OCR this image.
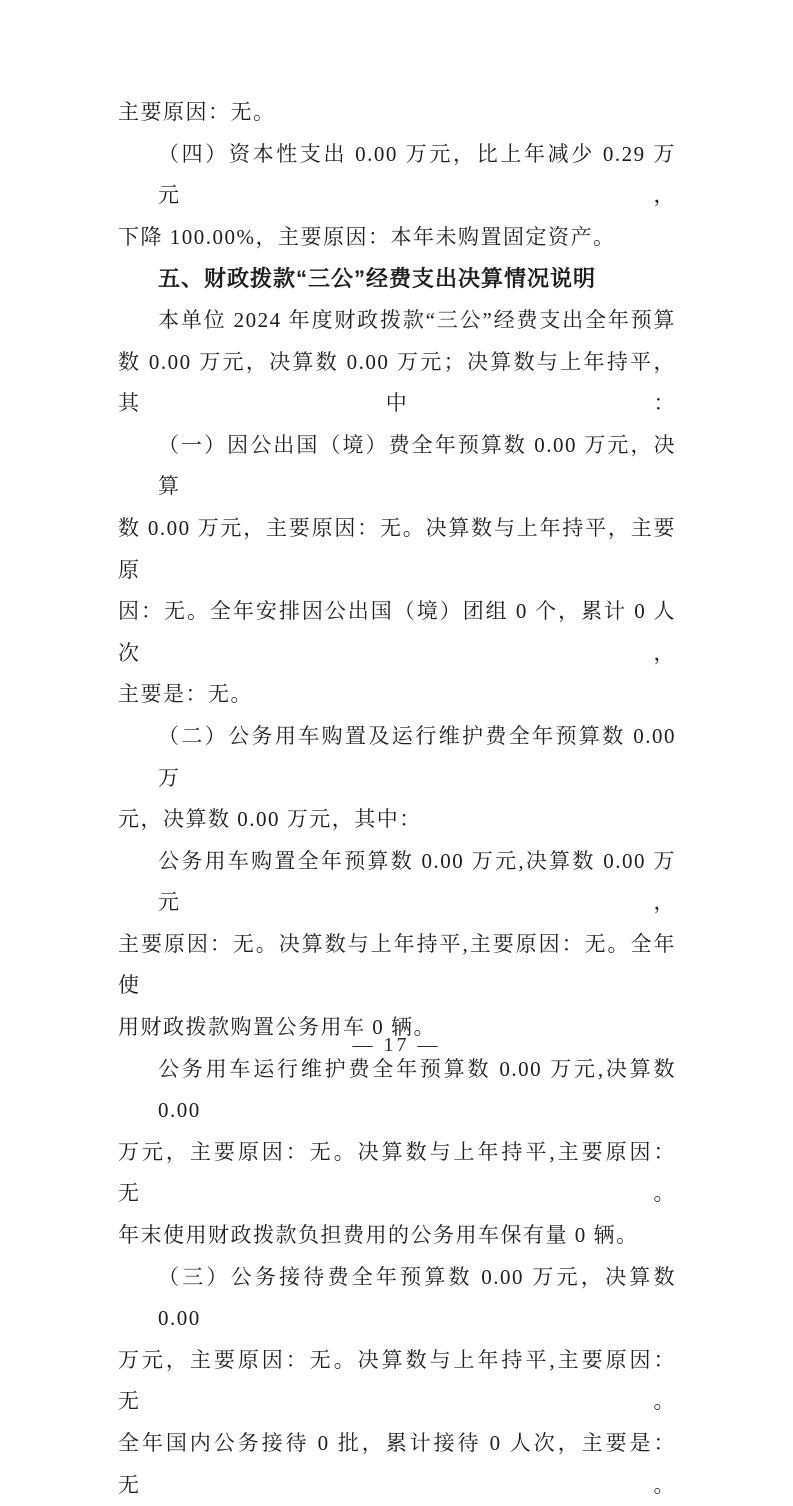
主要原因：无。
（四）资本性支出 0.00 万元，比上年减少 0.29 万元，
下降 100.00%，主要原因：本年未购置固定资产。
五、财政拨款“三公”经费支出决算情况说明
本单位 2024 年度财政拨款“三公”经费支出全年预算
数 0.00 万元，决算数 0.00 万元；决算数与上年持平，其中：
（一）因公出国（境）费全年预算数 0.00 万元，决算
数 0.00 万元，主要原因：无。决算数与上年持平，主要原
因：无。全年安排因公出国（境）团组 0 个，累计 0 人次，
主要是：无。
（二）公务用车购置及运行维护费全年预算数 0.00 万
元，决算数 0.00 万元，其中：
公务用车购置全年预算数 0.00 万元,决算数 0.00 万元，
主要原因：无。决算数与上年持平,主要原因：无。全年使
用财政拨款购置公务用车 0 辆。
公务用车运行维护费全年预算数 0.00 万元,决算数 0.00
万元，主要原因：无。决算数与上年持平,主要原因：无。
年末使用财政拨款负担费用的公务用车保有量 0 辆。
（三）公务接待费全年预算数 0.00 万元，决算数 0.00
万元，主要原因：无。决算数与上年持平,主要原因：无。
全年国内公务接待 0 批，累计接待 0 人次，主要是：无。
— 17 —
